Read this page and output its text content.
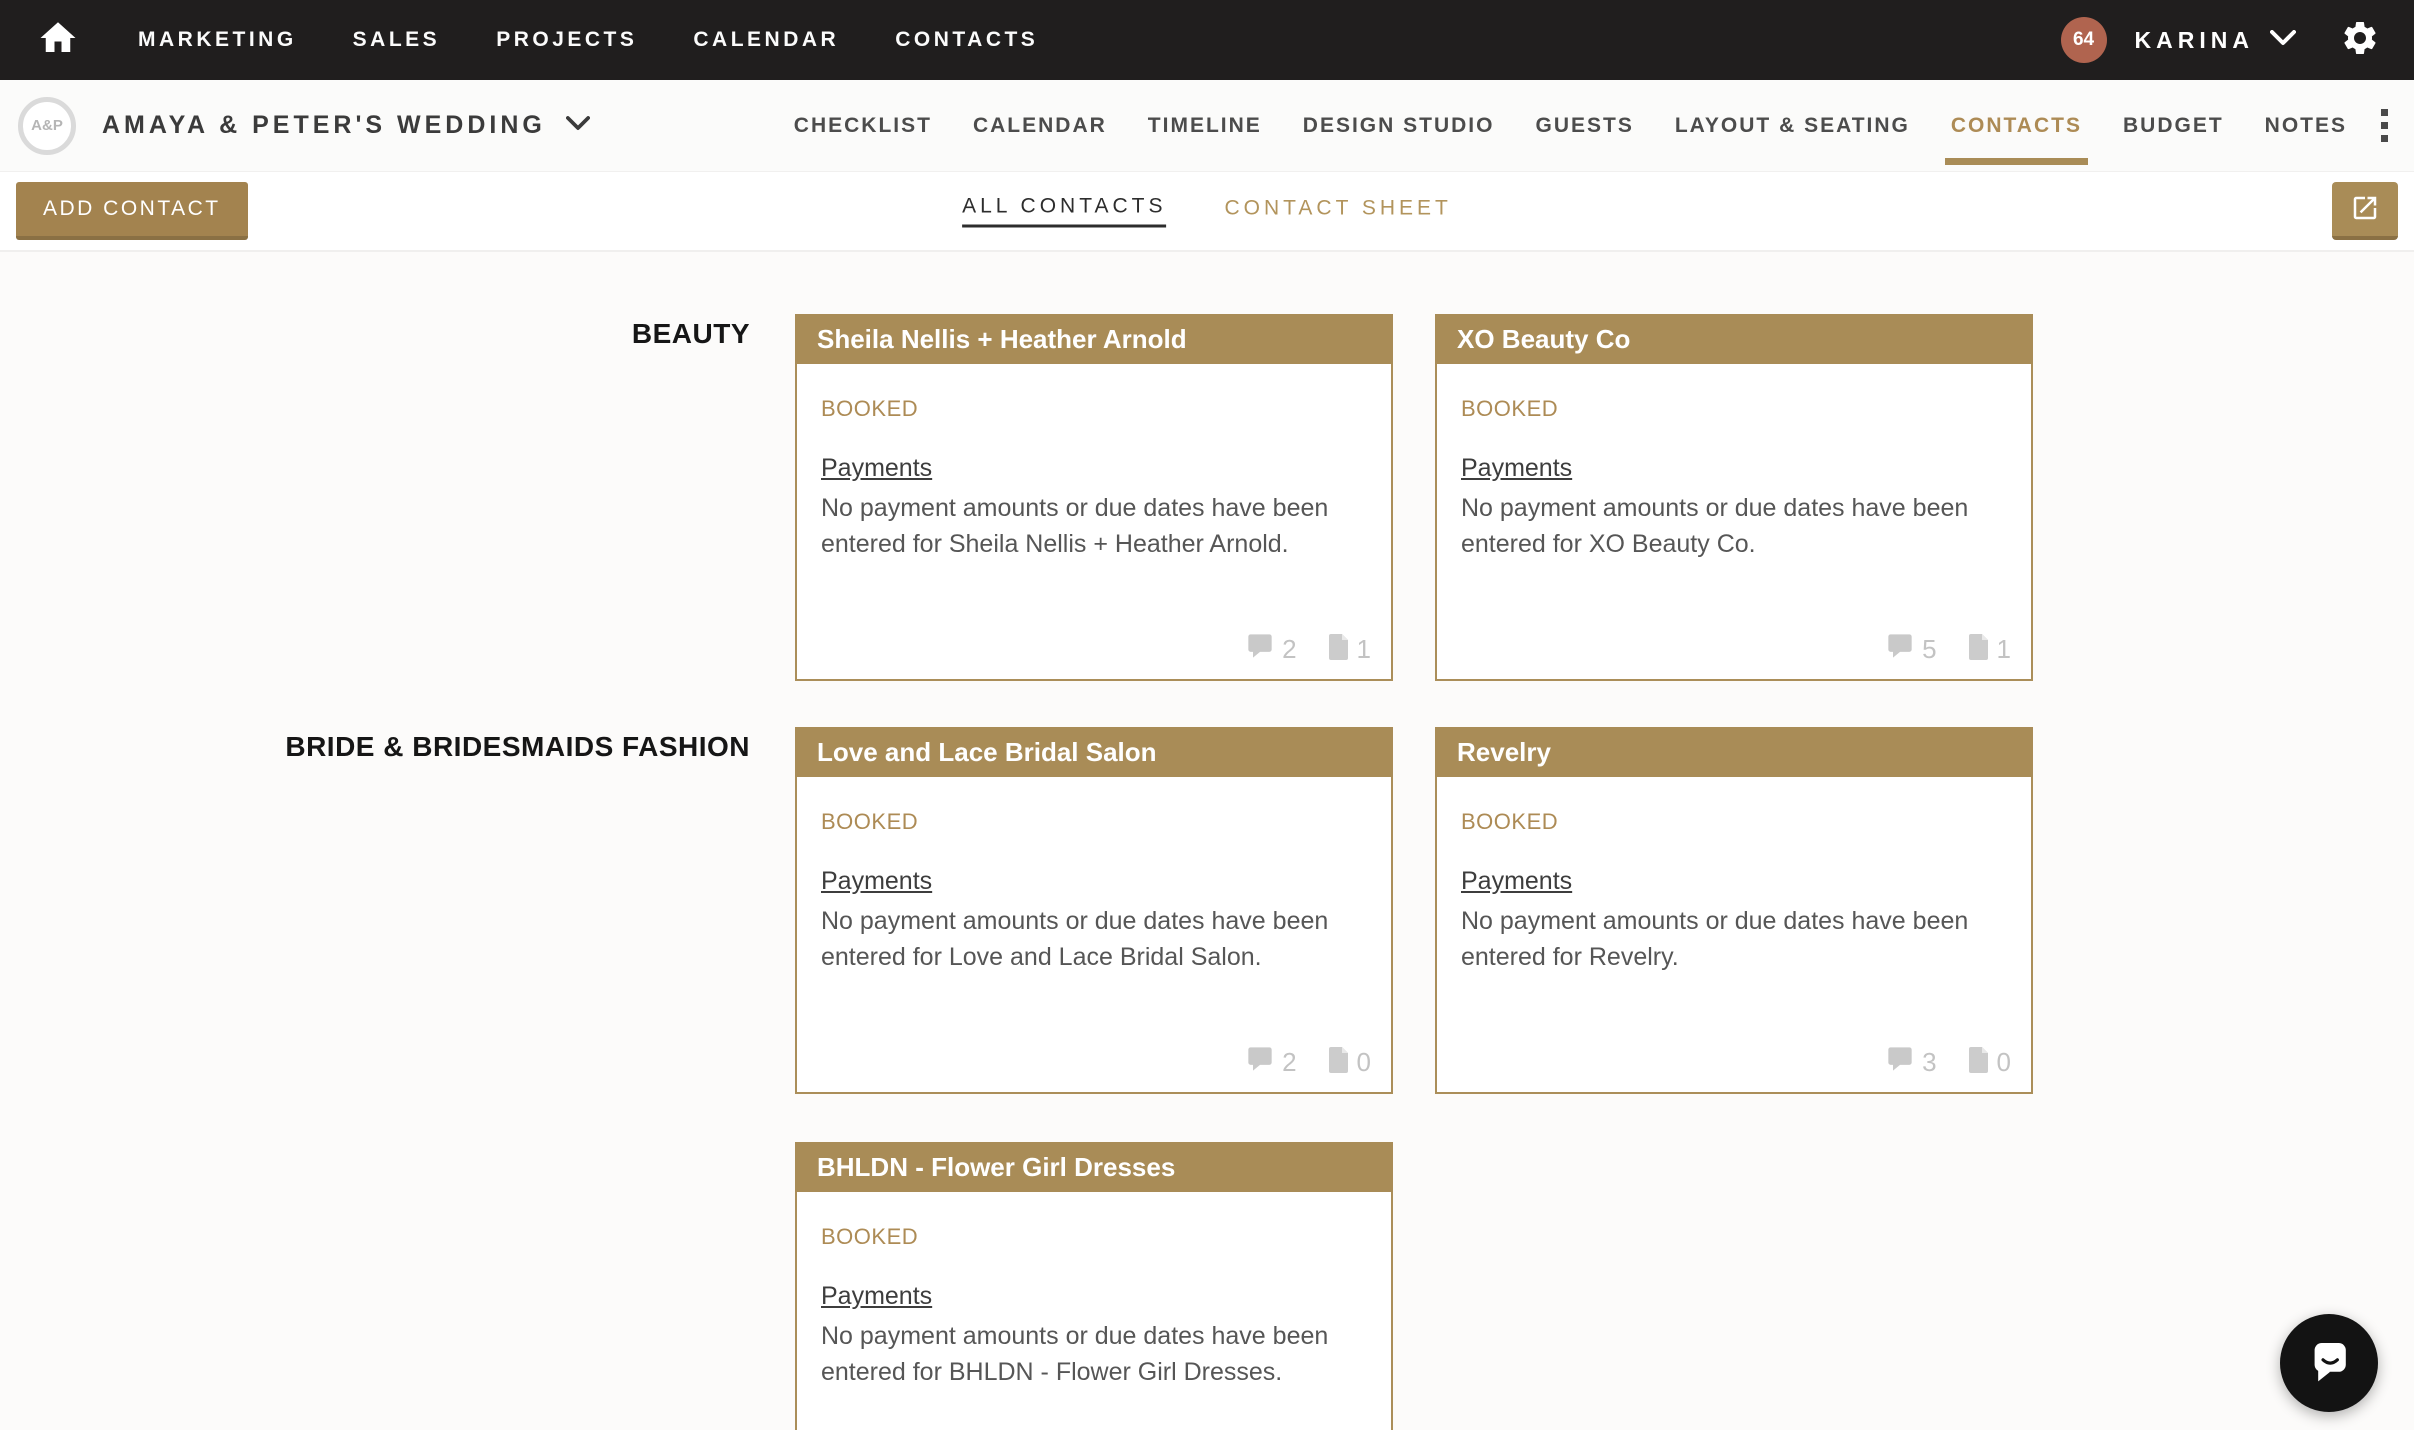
MARKETING	SALES	PROJECTS	CALENDAR	CONTACTS	64	KARINA
A&P	AMAYA & PETER'S WEDDING	CHECKLIST CALENDAR TIMELINE DESIGN STUDIO GUESTS LAYOUT & SEATING CONTACTS BUDGET NOTES
ADD CONTACT	ALL CONTACTS	CONTACT SHEET
BEAUTY	Sheila Nellis + Heather Arnold
BOOKED
Payments
No payment amounts or due dates have been entered for Sheila Nellis + Heather Arnold.
2 1
XO Beauty Co
BOOKED
Payments
No payment amounts or due dates have been entered for XO Beauty Co.
5 1
BRIDE & BRIDESMAIDS FASHION	Love and Lace Bridal Salon
BOOKED
Payments
No payment amounts or due dates have been entered for Love and Lace Bridal Salon.
2 0
Revelry
BOOKED
Payments
No payment amounts or due dates have been entered for Revelry.
3 0
BHLDN - Flower Girl Dresses
BOOKED
Payments
No payment amounts or due dates have been entered for BHLDN - Flower Girl Dresses.
